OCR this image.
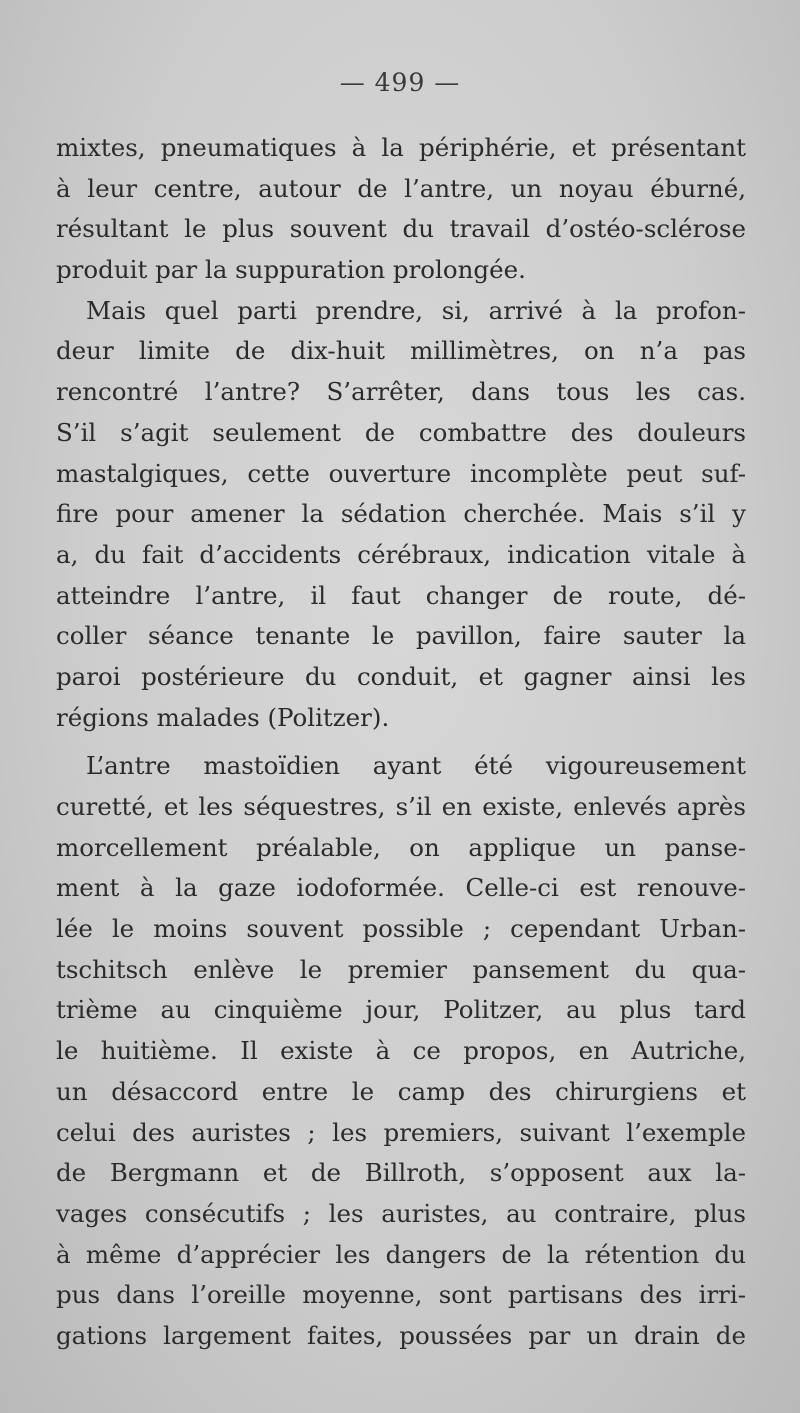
— 499 —
mixtes, pneumatiques à la périphérie, et présentant
à leur centre, autour de l’antre, un noyau éburné,
résultant le plus souvent du travail d’ostéo-sclérose
produit par la suppuration prolongée.
Mais quel parti prendre, si, arrivé à la profon-
deur limite de dix-huit millimètres, on n’a pas
rencontré l’antre? S’arrêter, dans tous les cas.
S’il s’agit seulement de combattre des douleurs
mastalgiques, cette ouverture incomplète peut suf-
fire pour amener la sédation cherchée. Mais s’il y
a, du fait d’accidents cérébraux, indication vitale à
atteindre l’antre, il faut changer de route, dé-
coller séance tenante le pavillon, faire sauter la
paroi postérieure du conduit, et gagner ainsi les
régions malades (Politzer).
L’antre mastoïdien ayant été vigoureusement
curetté, et les séquestres, s’il en existe, enlevés après
morcellement préalable, on applique un panse-
ment à la gaze iodoformée. Celle-ci est renouve-
lée le moins souvent possible ; cependant Urban-
tschitsch enlève le premier pansement du qua-
trième au cinquième jour, Politzer, au plus tard
le huitième. Il existe à ce propos, en Autriche,
un désaccord entre le camp des chirurgiens et
celui des auristes ; les premiers, suivant l’exemple
de Bergmann et de Billroth, s’opposent aux la-
vages consécutifs ; les auristes, au contraire, plus
à même d’apprécier les dangers de la rétention du
pus dans l’oreille moyenne, sont partisans des irri-
gations largement faites, poussées par un drain de
